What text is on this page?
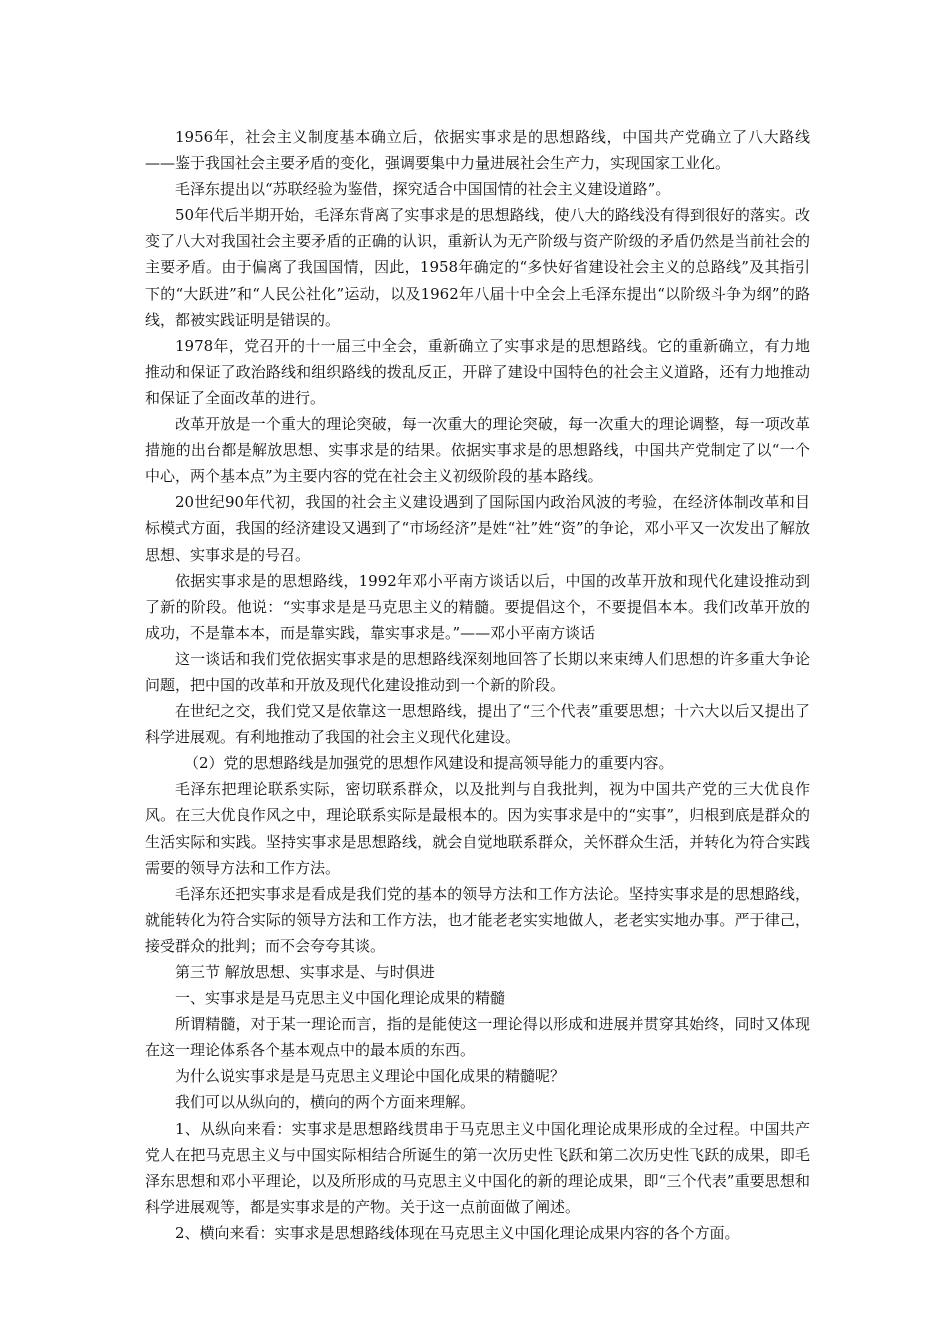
1956年，社会主义制度基本确立后，依据实事求是的思想路线，中国共产党确立了八大路线——鉴于我国社会主要矛盾的变化，强调要集中力量进展社会生产力，实现国家工业化。

毛泽东提出以“苏联经验为鉴借，探究适合中国国情的社会主义建设道路”。

50年代后半期开始，毛泽东背离了实事求是的思想路线，使八大的路线没有得到很好的落实。改变了八大对我国社会主要矛盾的正确的认识，重新认为无产阶级与资产阶级的矛盾仍然是当前社会的主要矛盾。由于偏离了我国国情，因此，1958年确定的“多快好省建设社会主义的总路线”及其指引下的“大跃进”和“人民公社化”运动，以及1962年八届十中全会上毛泽东提出“以阶级斗争为纲”的路线，都被实践证明是错误的。

1978年，党召开的十一届三中全会，重新确立了实事求是的思想路线。它的重新确立，有力地推动和保证了政治路线和组织路线的拨乱反正，开辟了建设中国特色的社会主义道路，还有力地推动和保证了全面改革的进行。

改革开放是一个重大的理论突破，每一次重大的理论突破，每一次重大的理论调整，每一项改革措施的出台都是解放思想、实事求是的结果。依据实事求是的思想路线，中国共产党制定了以“一个中心，两个基本点”为主要内容的党在社会主义初级阶段的基本路线。

20世纪90年代初，我国的社会主义建设遇到了国际国内政治风波的考验，在经济体制改革和目标模式方面，我国的经济建设又遇到了“市场经济”是姓“社”姓“资”的争论，邓小平又一次发出了解放思想、实事求是的号召。

依据实事求是的思想路线，1992年邓小平南方谈话以后，中国的改革开放和现代化建设推动到了新的阶段。他说：“实事求是是马克思主义的精髓。要提倡这个，不要提倡本本。我们改革开放的成功，不是靠本本，而是靠实践，靠实事求是。”——邓小平南方谈话

这一谈话和我们党依据实事求是的思想路线深刻地回答了长期以来束缚人们思想的许多重大争论问题，把中国的改革和开放及现代化建设推动到一个新的阶段。

在世纪之交，我们党又是依靠这一思想路线，提出了“三个代表”重要思想；十六大以后又提出了科学进展观。有利地推动了我国的社会主义现代化建设。

（2）党的思想路线是加强党的思想作风建设和提高领导能力的重要内容。

毛泽东把理论联系实际，密切联系群众，以及批判与自我批判，视为中国共产党的三大优良作风。在三大优良作风之中，理论联系实际是最根本的。因为实事求是中的“实事”，归根到底是群众的生活实际和实践。坚持实事求是思想路线，就会自觉地联系群众，关怀群众生活，并转化为符合实践需要的领导方法和工作方法。

毛泽东还把实事求是看成是我们党的基本的领导方法和工作方法论。坚持实事求是的思想路线，就能转化为符合实际的领导方法和工作方法，也才能老老实实地做人，老老实实地办事。严于律己，接受群众的批判；而不会夸夸其谈。

第三节 解放思想、实事求是、与时俱进

一、实事求是是马克思主义中国化理论成果的精髓

所谓精髓，对于某一理论而言，指的是能使这一理论得以形成和进展并贯穿其始终，同时又体现在这一理论体系各个基本观点中的最本质的东西。

为什么说实事求是是马克思主义理论中国化成果的精髓呢？

我们可以从纵向的，横向的两个方面来理解。

1、从纵向来看：实事求是思想路线贯串于马克思主义中国化理论成果形成的全过程。中国共产党人在把马克思主义与中国实际相结合所诞生的第一次历史性飞跃和第二次历史性飞跃的成果，即毛泽东思想和邓小平理论，以及所形成的马克思主义中国化的新的理论成果，即“三个代表”重要思想和科学进展观等，都是实事求是的产物。关于这一点前面做了阐述。

2、横向来看：实事求是思想路线体现在马克思主义中国化理论成果内容的各个方面。
